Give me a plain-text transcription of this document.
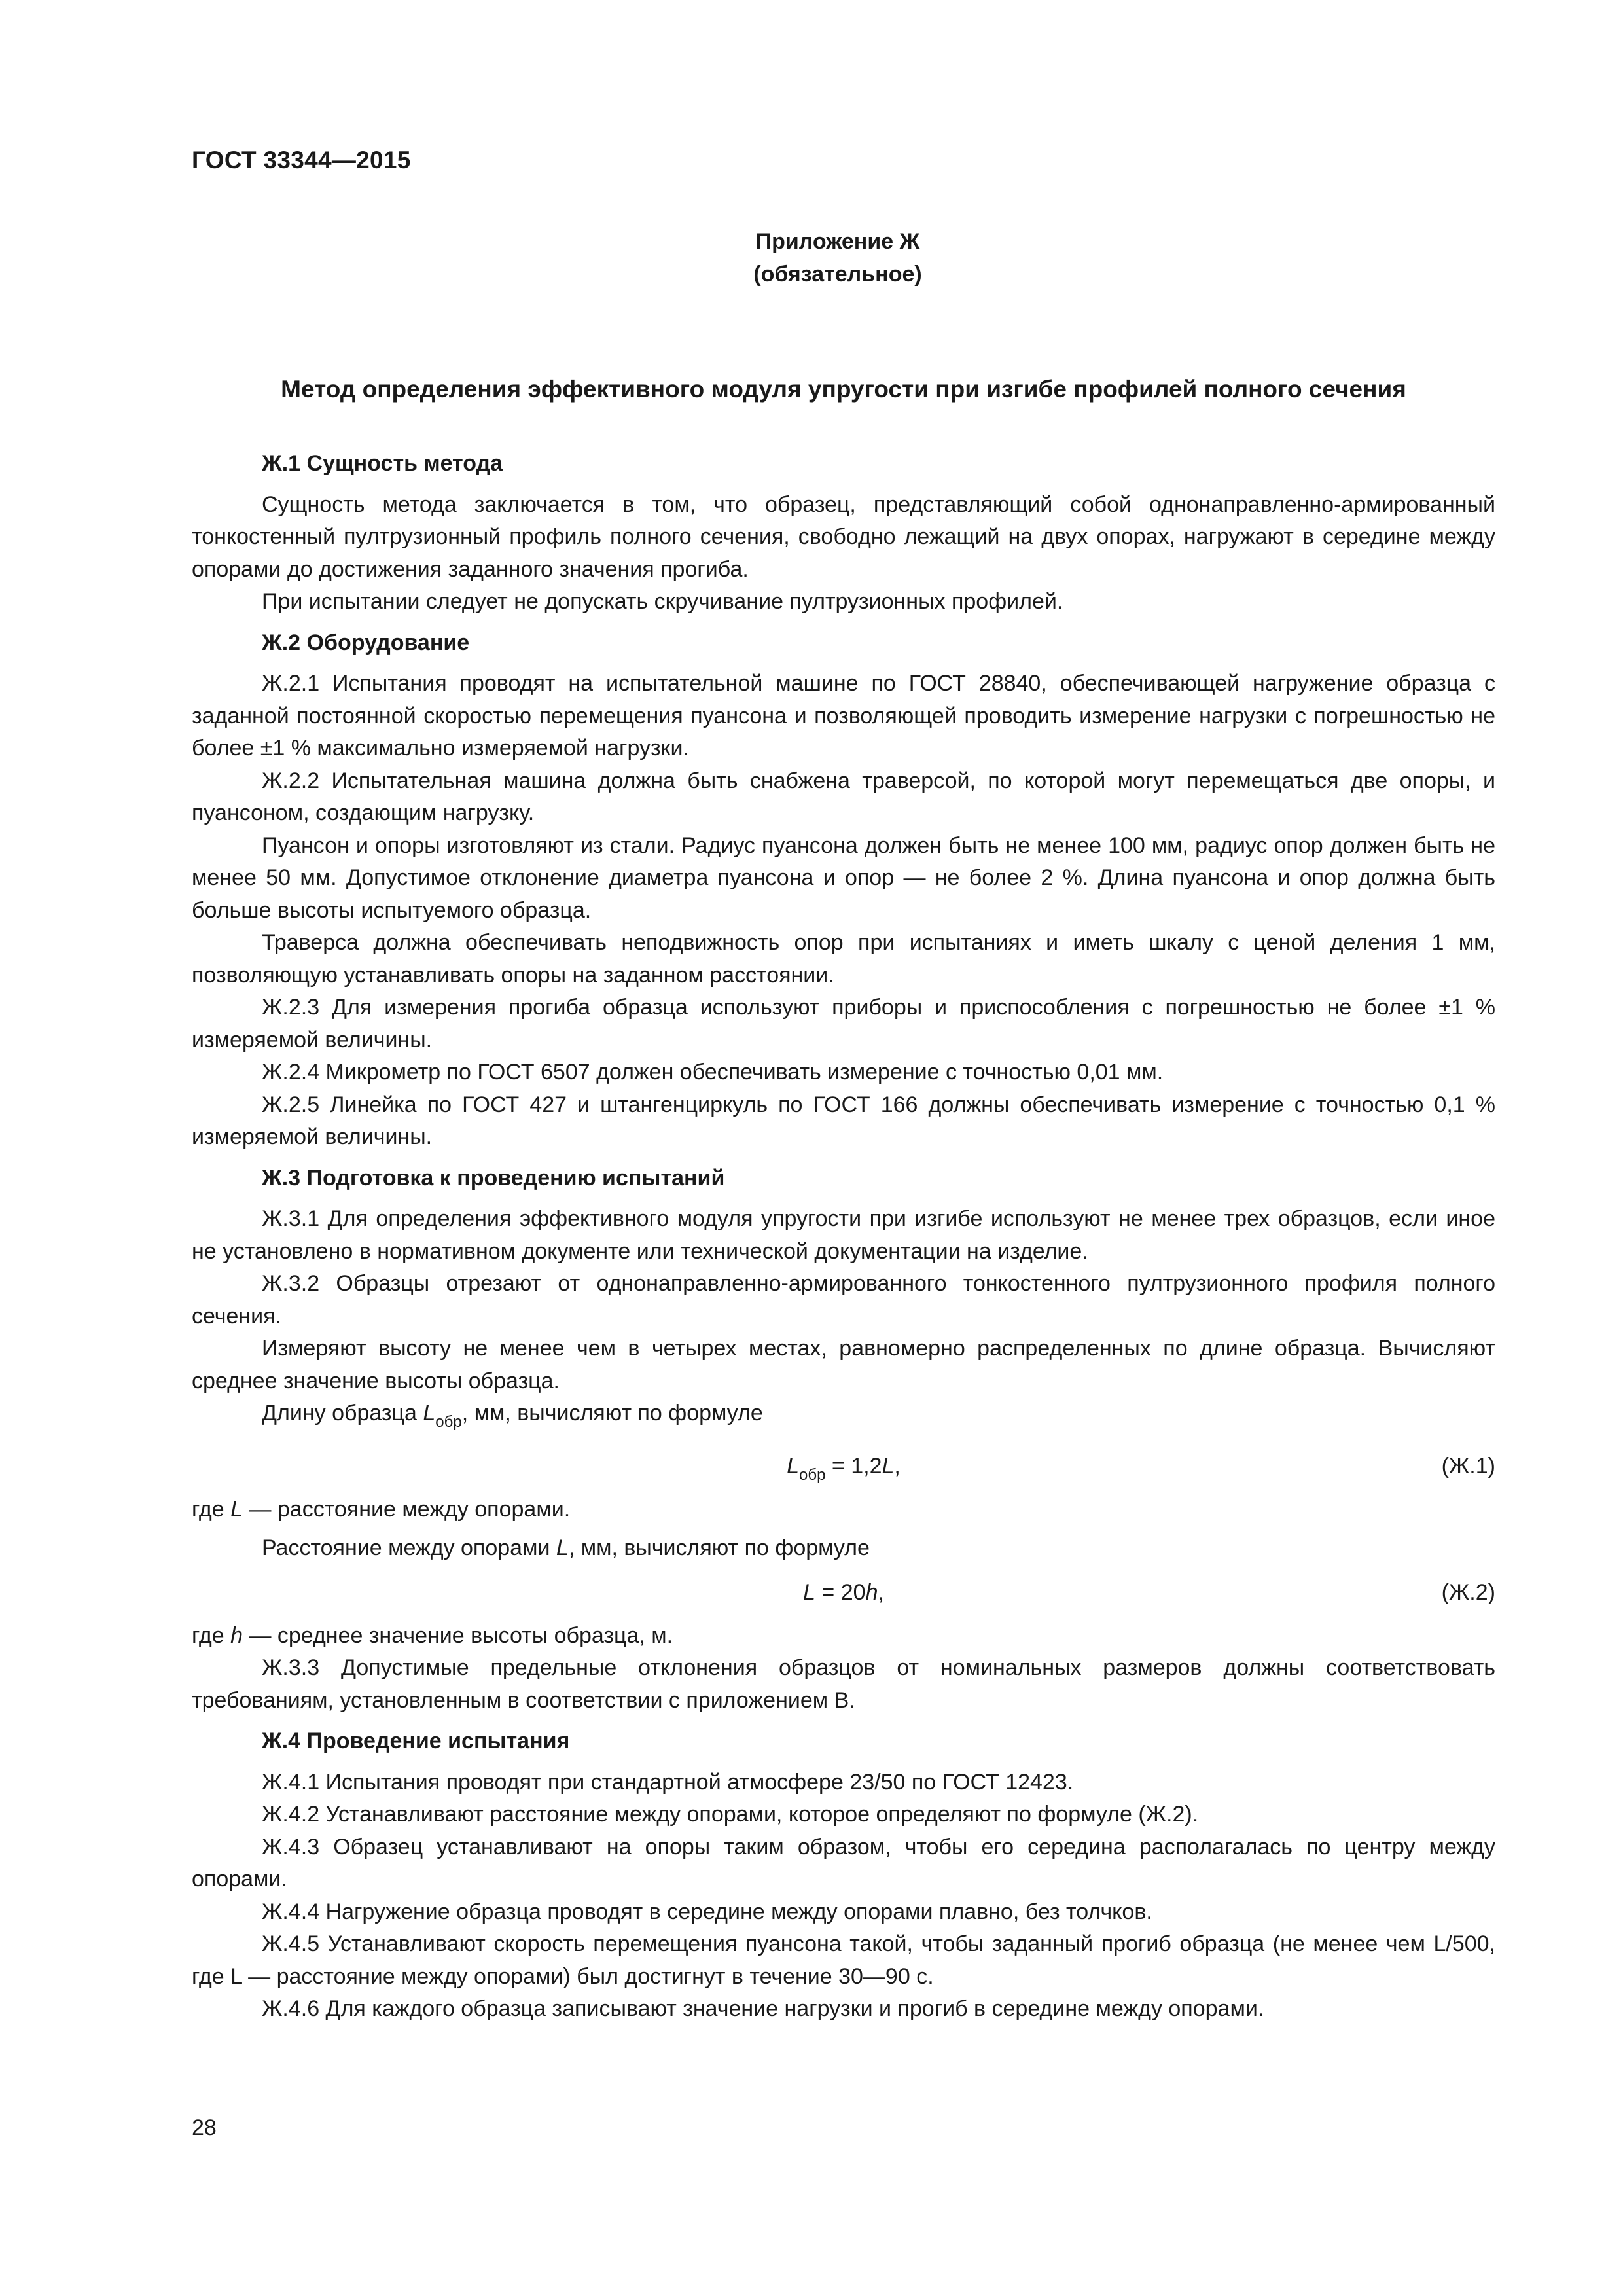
ГОСТ 33344—2015
Приложение Ж
(обязательное)
Метод определения эффективного модуля упругости при изгибе профилей полного сечения
Ж.1 Сущность метода

Сущность метода заключается в том, что образец, представляющий собой однонаправленно-армированный тонкостенный пултрузионный профиль полного сечения, свободно лежащий на двух опорах, нагружают в середине между опорами до достижения заданного значения прогиба.

При испытании следует не допускать скручивание пултрузионных профилей.

Ж.2 Оборудование

Ж.2.1 Испытания проводят на испытательной машине по ГОСТ 28840, обеспечивающей нагружение образца с заданной постоянной скоростью перемещения пуансона и позволяющей проводить измерение нагрузки с погрешностью не более ±1 % максимально измеряемой нагрузки.

Ж.2.2 Испытательная машина должна быть снабжена траверсой, по которой могут перемещаться две опоры, и пуансоном, создающим нагрузку.

Пуансон и опоры изготовляют из стали. Радиус пуансона должен быть не менее 100 мм, радиус опор должен быть не менее 50 мм. Допустимое отклонение диаметра пуансона и опор — не более 2 %. Длина пуансона и опор должна быть больше высоты испытуемого образца.

Траверса должна обеспечивать неподвижность опор при испытаниях и иметь шкалу с ценой деления 1 мм, позволяющую устанавливать опоры на заданном расстоянии.

Ж.2.3 Для измерения прогиба образца используют приборы и приспособления с погрешностью не более ±1 % измеряемой величины.

Ж.2.4 Микрометр по ГОСТ 6507 должен обеспечивать измерение с точностью 0,01 мм.

Ж.2.5 Линейка по ГОСТ 427 и штангенциркуль по ГОСТ 166 должны обеспечивать измерение с точностью 0,1 % измеряемой величины.

Ж.3 Подготовка к проведению испытаний

Ж.3.1 Для определения эффективного модуля упругости при изгибе используют не менее трех образцов, если иное не установлено в нормативном документе или технической документации на изделие.

Ж.3.2 Образцы отрезают от однонаправленно-армированного тонкостенного пултрузионного профиля полного сечения.

Измеряют высоту не менее чем в четырех местах, равномерно распределенных по длине образца. Вычисляют среднее значение высоты образца.

Длину образца $L_{обр}$, мм, вычисляют по формуле

$L_{обр} = 1,2L$,	(Ж.1)

где L — расстояние между опорами.

Расстояние между опорами L, мм, вычисляют по формуле

L = 20h,	(Ж.2)

где h — среднее значение высоты образца, м.

Ж.3.3 Допустимые предельные отклонения образцов от номинальных размеров должны соответствовать требованиям, установленным в соответствии с приложением В.

Ж.4 Проведение испытания

Ж.4.1 Испытания проводят при стандартной атмосфере 23/50 по ГОСТ 12423.

Ж.4.2 Устанавливают расстояние между опорами, которое определяют по формуле (Ж.2).

Ж.4.3 Образец устанавливают на опоры таким образом, чтобы его середина располагалась по центру между опорами.

Ж.4.4 Нагружение образца проводят в середине между опорами плавно, без толчков.

Ж.4.5 Устанавливают скорость перемещения пуансона такой, чтобы заданный прогиб образца (не менее чем L/500, где L — расстояние между опорами) был достигнут в течение 30—90 с.

Ж.4.6 Для каждого образца записывают значение нагрузки и прогиб в середине между опорами.

28
